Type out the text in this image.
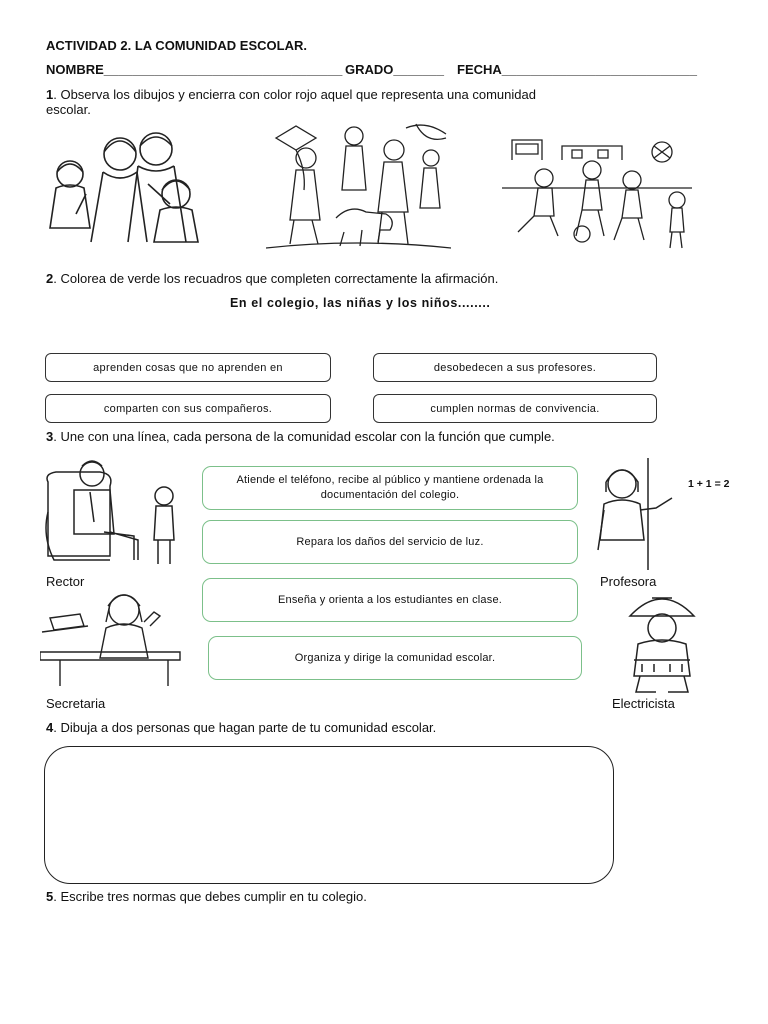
ACTIVIDAD 2. LA COMUNIDAD ESCOLAR.
NOMBRE_________________________________ GRADO_______ FECHA___________________________
1. Observa los dibujos y encierra con color rojo aquel que representa una comunidad
escolar.
2. Colorea de verde los recuadros que completen correctamente la afirmación.
En el colegio, las niñas y los niños........
aprenden cosas que no aprenden en	desobedecen a sus profesores.
comparten con sus compañeros.	cumplen normas de convivencia.
3. Une con una línea, cada persona de la comunidad escolar con la función que cumple.
Rector
Secretaria
Atiende el teléfono, recibe al público y mantiene ordenada la documentación del colegio.
Repara los daños del servicio de luz.
Enseña y orienta a los estudiantes en clase.
Organiza y dirige la comunidad escolar.
1 + 1 = 2
Profesora
Electricista
4. Dibuja a dos personas que hagan parte de tu comunidad escolar.
5. Escribe tres normas que debes cumplir en tu colegio.
